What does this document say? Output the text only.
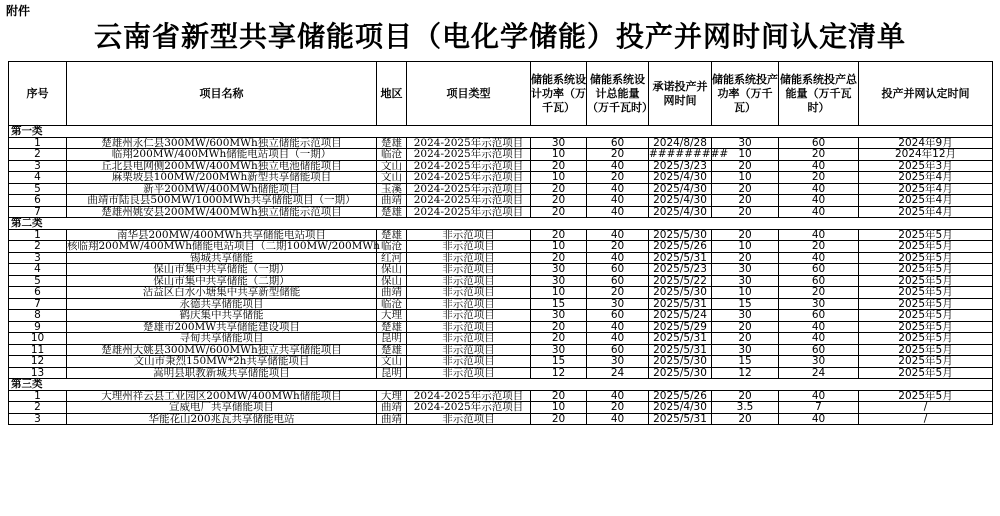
附件
云南省新型共享储能项目（电化学储能）投产并网时间认定清单
序号	项目名称	地区	项目类型	储能系统设计功率（万千瓦）	储能系统设计总能量（万千瓦时）	承诺投产并网时间	储能系统投产功率（万千瓦）	储能系统投产总能量（万千瓦时）	投产并网认定时间
第一类									
1	楚雄州永仁县300MW/600MWh独立储能示范项目	楚雄	2024-2025年示范项目	30	60	2024/8/28	30	60	2024年9月
2	临翔200MW/400MWh储能电站项目（一期）	临沧	2024-2025年示范项目	10	20	#########	10	20	2024年12月
3	丘北县电网侧200MW/400MWh独立电池储能项目	文山	2024-2025年示范项目	20	40	2025/3/23	20	40	2025年3月
4	麻栗坡县100MW/200MWh新型共享储能项目	文山	2024-2025年示范项目	10	20	2025/4/30	10	20	2025年4月
5	新平200MW/400MWh储能项目	玉溪	2024-2025年示范项目	20	40	2025/4/30	20	40	2025年4月
6	曲靖市陆良县500MW/1000MWh共享储能项目（一期）	曲靖	2024-2025年示范项目	20	40	2025/4/30	20	40	2025年4月
7	楚雄州姚安县200MW/400MWh独立储能示范项目	楚雄	2024-2025年示范项目	20	40	2025/4/30	20	40	2025年4月
第二类									
1	南华县200MW/400MWh共享储能电站项目	楚雄	非示范项目	20	40	2025/5/30	20	40	2025年5月
2	核临翔200MW/400MWh储能电站项目（二期100MW/200MWh	临沧	非示范项目	10	20	2025/5/26	10	20	2025年5月
3	锡城共享储能	红河	非示范项目	20	40	2025/5/31	20	40	2025年5月
4	保山市集中共享储能（一期）	保山	非示范项目	30	60	2025/5/23	30	60	2025年5月
5	保山市集中共享储能（二期）	保山	非示范项目	30	60	2025/5/22	30	60	2025年5月
6	沾益区白水小塘集中共享新型储能	曲靖	非示范项目	10	20	2025/5/30	10	20	2025年5月
7	永德共享储能项目	临沧	非示范项目	15	30	2025/5/31	15	30	2025年5月
8	鹤庆集中共享储能	大理	非示范项目	30	60	2025/5/24	30	60	2025年5月
9	楚雄市200MW共享储能建设项目	楚雄	非示范项目	20	40	2025/5/29	20	40	2025年5月
10	寻甸共享储能项目	昆明	非示范项目	20	40	2025/5/31	20	40	2025年5月
11	楚雄州大姚县300MW/600MWh独立共享储能项目	楚雄	非示范项目	30	60	2025/5/31	30	60	2025年5月
12	文山市秉烈150MW*2h共享储能项目	文山	非示范项目	15	30	2025/5/30	15	30	2025年5月
13	嵩明县职教新城共享储能项目	昆明	非示范项目	12	24	2025/5/30	12	24	2025年5月
第三类									
1	大理州祥云县工业园区200MW/400MWh储能项目	大理	2024-2025年示范项目	20	40	2025/5/26	20	40	2025年5月
2	宣威电厂共享储能项目	曲靖	2024-2025年示范项目	10	20	2025/4/30	3.5	7	/
3	华能花山200兆瓦共享储能电站	曲靖	非示范项目	20	40	2025/5/31	20	40	/
